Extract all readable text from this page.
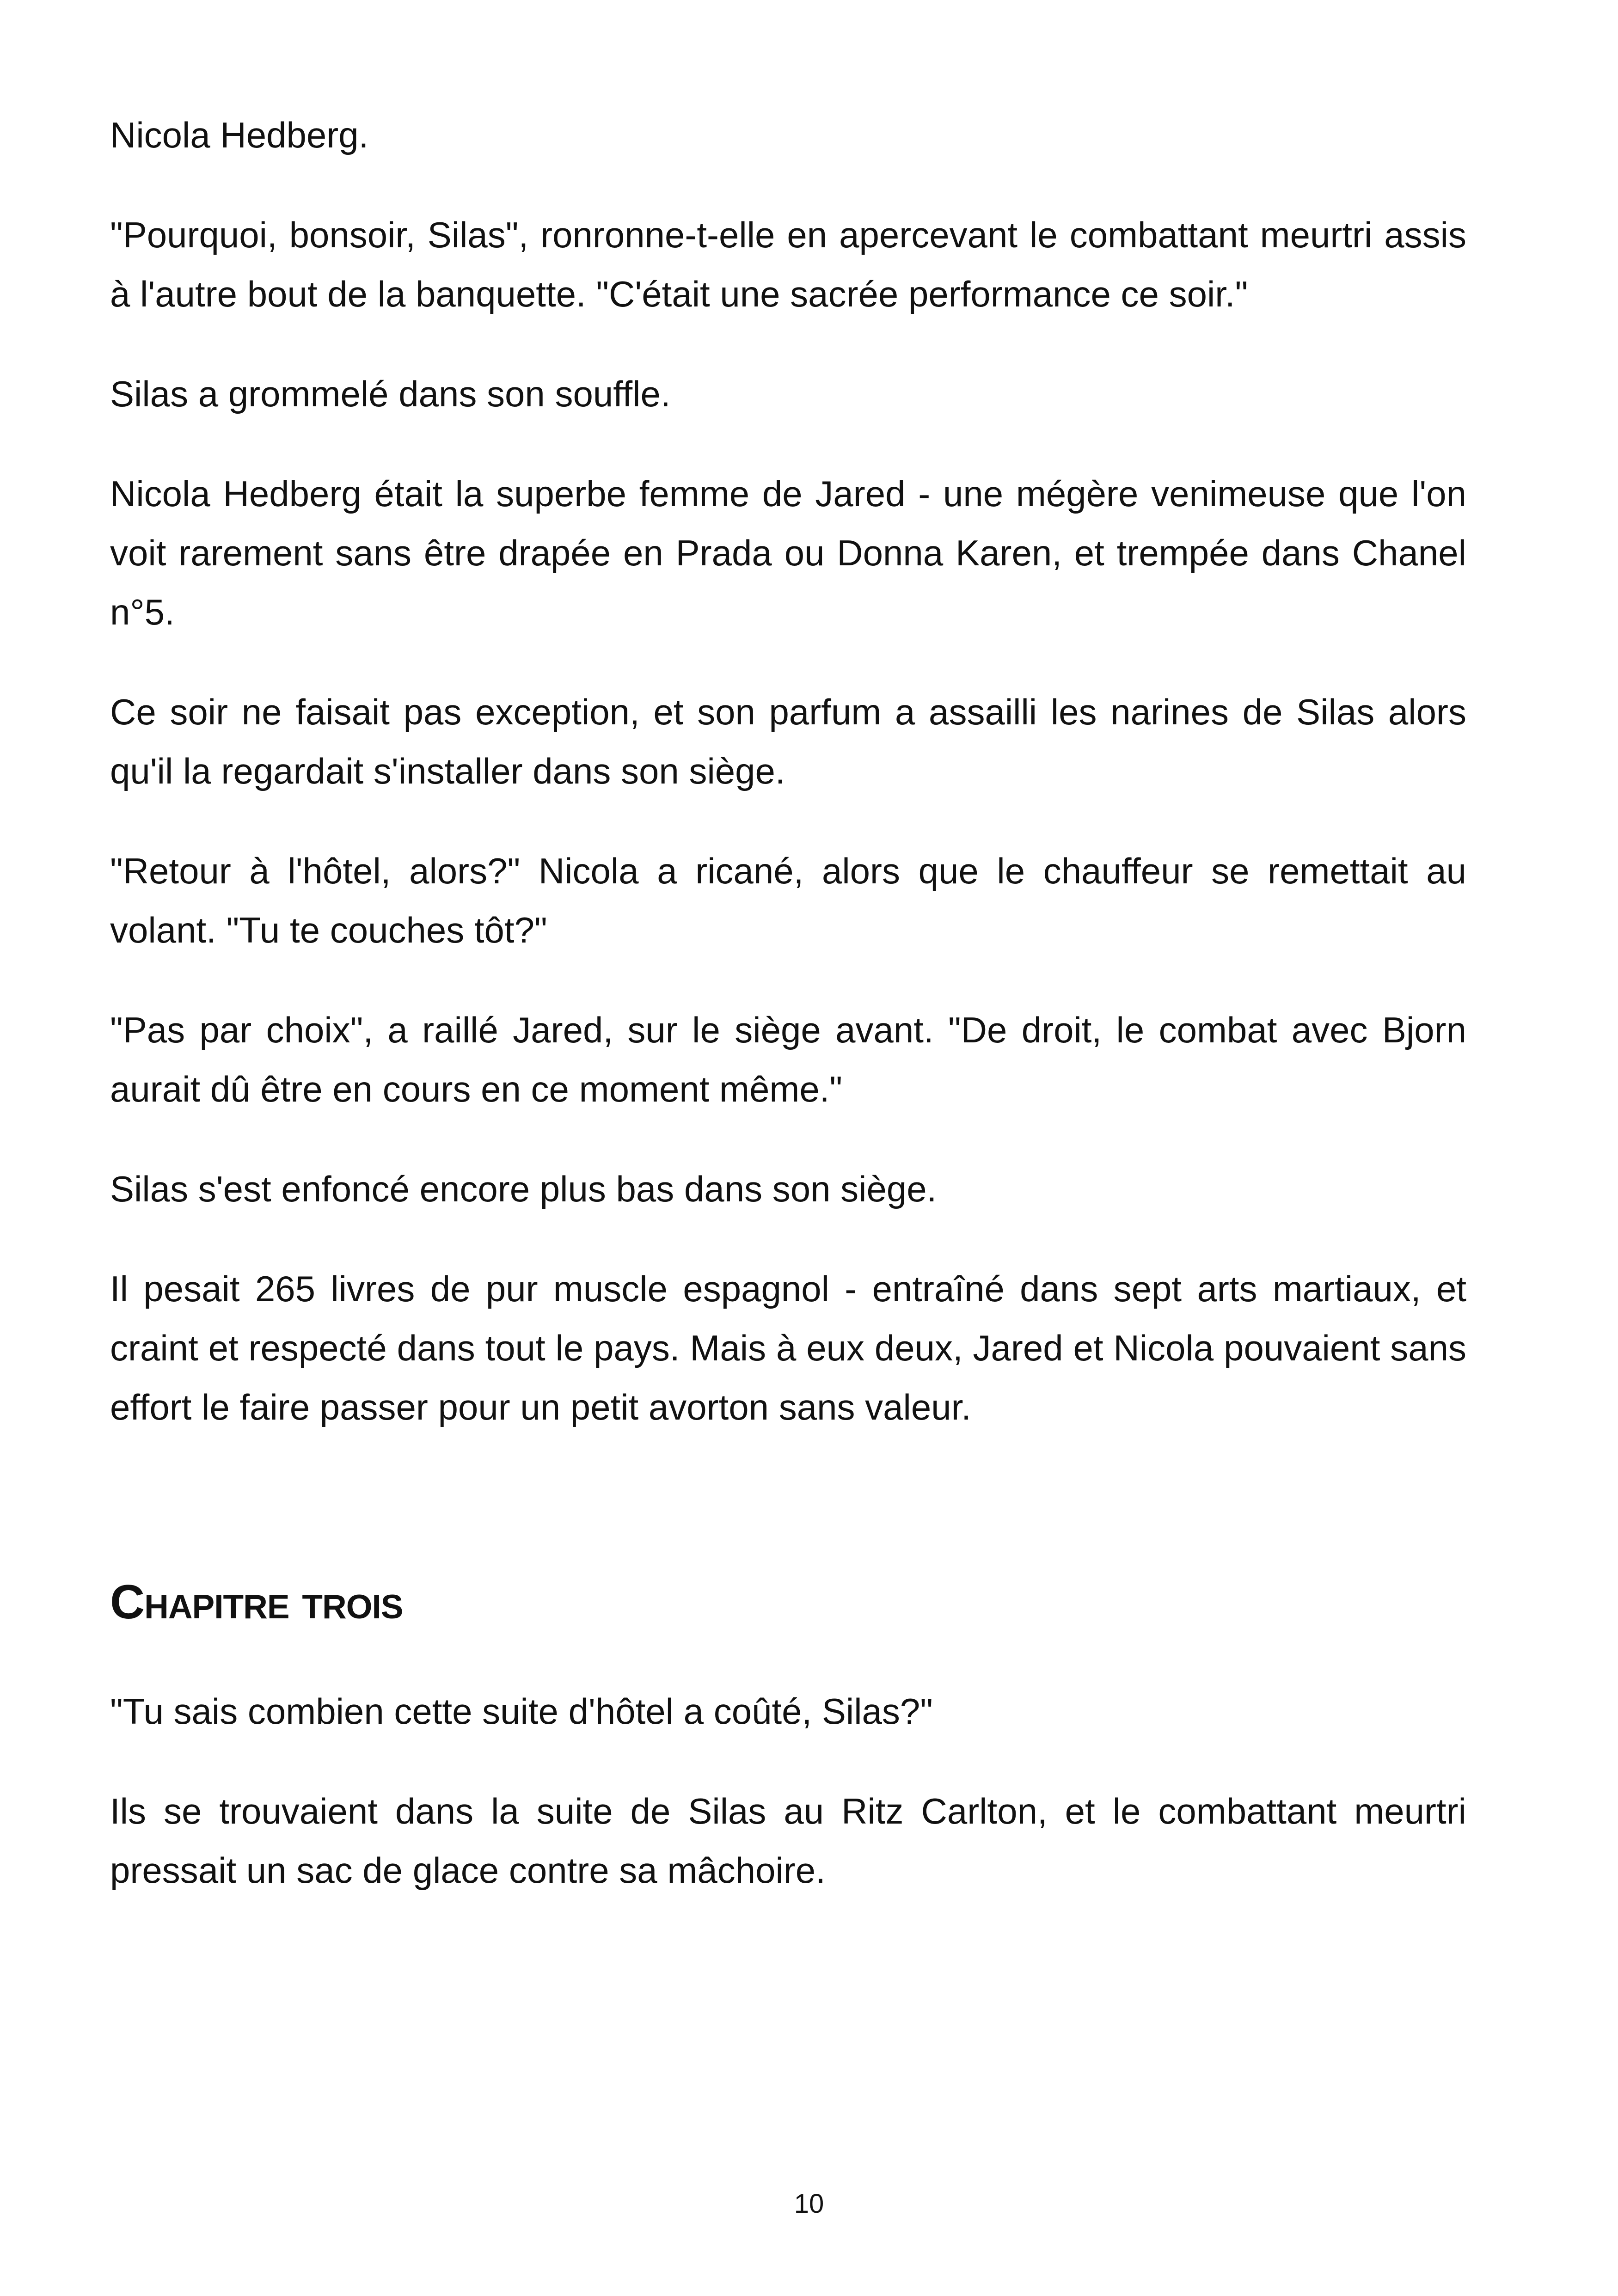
Nicola Hedberg.

"Pourquoi, bonsoir, Silas", ronronne-t-elle en apercevant le combattant meurtri assis à l'autre bout de la banquette. "C'était une sacrée performance ce soir."

Silas a grommelé dans son souffle.

Nicola Hedberg était la superbe femme de Jared - une mégère venimeuse que l'on voit rarement sans être drapée en Prada ou Donna Karen, et trempée dans Chanel n°5.

Ce soir ne faisait pas exception, et son parfum a assailli les narines de Silas alors qu'il la regardait s'installer dans son siège.

"Retour à l'hôtel, alors?" Nicola a ricané, alors que le chauffeur se remettait au volant. "Tu te couches tôt?"

"Pas par choix", a raillé Jared, sur le siège avant. "De droit, le combat avec Bjorn aurait dû être en cours en ce moment même."

Silas s'est enfoncé encore plus bas dans son siège.

Il pesait 265 livres de pur muscle espagnol - entraîné dans sept arts martiaux, et craint et respecté dans tout le pays. Mais à eux deux, Jared et Nicola pouvaient sans effort le faire passer pour un petit avorton sans valeur.

Chapitre trois

"Tu sais combien cette suite d'hôtel a coûté, Silas?"

Ils se trouvaient dans la suite de Silas au Ritz Carlton, et le combattant meurtri pressait un sac de glace contre sa mâchoire.

10
